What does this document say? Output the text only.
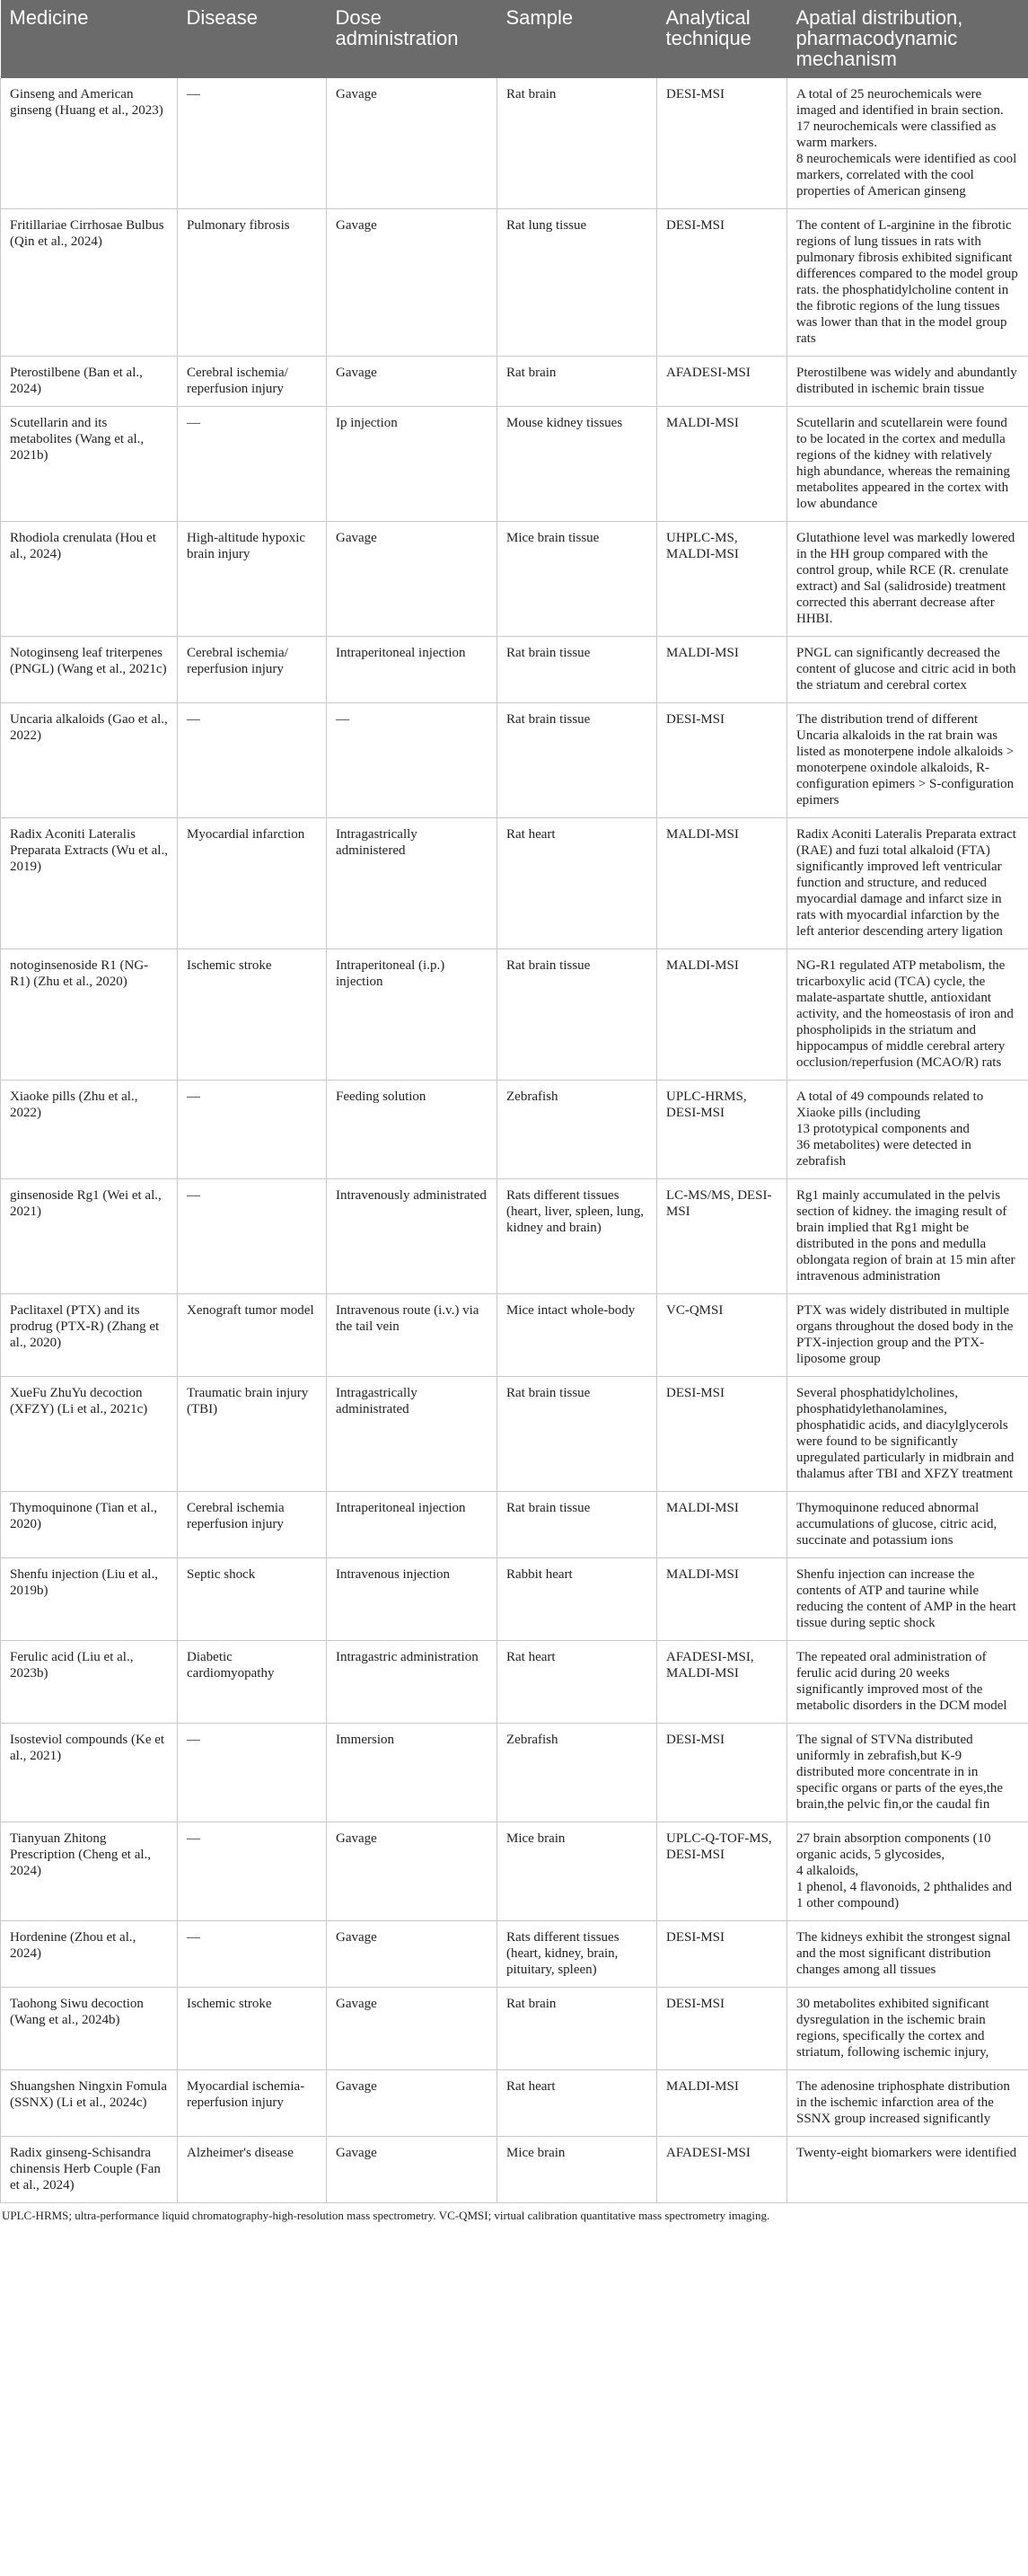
Medicine	Disease	Dose administration	Sample	Analytical technique	Apatial distribution, pharmacodynamic mechanism
Ginseng and American ginseng (Huang et al., 2023)	—	Gavage	Rat brain	DESI-MSI	A total of 25 neurochemicals were imaged and identified in brain section. 17 neurochemicals were classified as warm markers.
8 neurochemicals were identified as cool markers, correlated with the cool properties of American ginseng
Fritillariae Cirrhosae Bulbus (Qin et al., 2024)	Pulmonary fibrosis	Gavage	Rat lung tissue	DESI-MSI	The content of L-arginine in the fibrotic regions of lung tissues in rats with pulmonary fibrosis exhibited significant differences compared to the model group rats. the phosphatidylcholine content in the fibrotic regions of the lung tissues was lower than that in the model group rats
Pterostilbene (Ban et al., 2024)	Cerebral ischemia/ reperfusion injury	Gavage	Rat brain	AFADESI-MSI	Pterostilbene was widely and abundantly distributed in ischemic brain tissue
Scutellarin and its metabolites (Wang et al., 2021b)	—	Ip injection	Mouse kidney tissues	MALDI-MSI	Scutellarin and scutellarein were found to be located in the cortex and medulla regions of the kidney with relatively high abundance, whereas the remaining metabolites appeared in the cortex with low abundance
Rhodiola crenulata (Hou et al., 2024)	High-altitude hypoxic brain injury	Gavage	Mice brain tissue	UHPLC-MS, MALDI-MSI	Glutathione level was markedly lowered in the HH group compared with the control group, while RCE (R. crenulate extract) and Sal (salidroside) treatment corrected this aberrant decrease after HHBI.
Notoginseng leaf triterpenes (PNGL) (Wang et al., 2021c)	Cerebral ischemia/ reperfusion injury	Intraperitoneal injection	Rat brain tissue	MALDI-MSI	PNGL can significantly decreased the content of glucose and citric acid in both the striatum and cerebral cortex
Uncaria alkaloids (Gao et al., 2022)	—	—	Rat brain tissue	DESI-MSI	The distribution trend of different Uncaria alkaloids in the rat brain was listed as monoterpene indole alkaloids > monoterpene oxindole alkaloids, R-configuration epimers > S-configuration epimers
Radix Aconiti Lateralis Preparata Extracts (Wu et al., 2019)	Myocardial infarction	Intragastrically administered	Rat heart	MALDI-MSI	Radix Aconiti Lateralis Preparata extract (RAE) and fuzi total alkaloid (FTA) significantly improved left ventricular function and structure, and reduced myocardial damage and infarct size in rats with myocardial infarction by the left anterior descending artery ligation
notoginsenoside R1 (NG-R1) (Zhu et al., 2020)	Ischemic stroke	Intraperitoneal (i.p.) injection	Rat brain tissue	MALDI-MSI	NG-R1 regulated ATP metabolism, the tricarboxylic acid (TCA) cycle, the malate-aspartate shuttle, antioxidant activity, and the homeostasis of iron and phospholipids in the striatum and hippocampus of middle cerebral artery occlusion/reperfusion (MCAO/R) rats
Xiaoke pills (Zhu et al., 2022)	—	Feeding solution	Zebrafish	UPLC-HRMS, DESI-MSI	A total of 49 compounds related to Xiaoke pills (including
13 prototypical components and
36 metabolites) were detected in zebrafish
ginsenoside Rg1 (Wei et al., 2021)	—	Intravenously administrated	Rats different tissues (heart, liver, spleen, lung, kidney and brain)	LC-MS/MS, DESI-MSI	Rg1 mainly accumulated in the pelvis section of kidney. the imaging result of brain implied that Rg1 might be distributed in the pons and medulla oblongata region of brain at 15 min after intravenous administration
Paclitaxel (PTX) and its prodrug (PTX-R) (Zhang et al., 2020)	Xenograft tumor model	Intravenous route (i.v.) via the tail vein	Mice intact whole-body	VC-QMSI	PTX was widely distributed in multiple organs throughout the dosed body in the PTX-injection group and the PTX-liposome group
XueFu ZhuYu decoction (XFZY) (Li et al., 2021c)	Traumatic brain injury (TBI)	Intragastrically administrated	Rat brain tissue	DESI-MSI	Several phosphatidylcholines, phosphatidylethanolamines, phosphatidic acids, and diacylglycerols were found to be significantly upregulated particularly in midbrain and thalamus after TBI and XFZY treatment
Thymoquinone (Tian et al., 2020)	Cerebral ischemia reperfusion injury	Intraperitoneal injection	Rat brain tissue	MALDI-MSI	Thymoquinone reduced abnormal accumulations of glucose, citric acid, succinate and potassium ions
Shenfu injection (Liu et al., 2019b)	Septic shock	Intravenous injection	Rabbit heart	MALDI-MSI	Shenfu injection can increase the contents of ATP and taurine while reducing the content of AMP in the heart tissue during septic shock
Ferulic acid (Liu et al., 2023b)	Diabetic cardiomyopathy	Intragastric administration	Rat heart	AFADESI-MSI, MALDI-MSI	The repeated oral administration of ferulic acid during 20 weeks significantly improved most of the metabolic disorders in the DCM model
Isosteviol compounds (Ke et al., 2021)	—	Immersion	Zebrafish	DESI-MSI	The signal of STVNa distributed uniformly in zebrafish,but K-9 distributed more concentrate in in specific organs or parts of the eyes,the brain,the pelvic fin,or the caudal fin
Tianyuan Zhitong Prescription (Cheng et al., 2024)	—	Gavage	Mice brain	UPLC-Q-TOF-MS, DESI-MSI	27 brain absorption components (10 organic acids, 5 glycosides,
4 alkaloids,
1 phenol, 4 flavonoids, 2 phthalides and 1 other compound)
Hordenine (Zhou et al., 2024)	—	Gavage	Rats different tissues (heart, kidney, brain, pituitary, spleen)	DESI-MSI	The kidneys exhibit the strongest signal and the most significant distribution changes among all tissues
Taohong Siwu decoction (Wang et al., 2024b)	Ischemic stroke	Gavage	Rat brain	DESI-MSI	30 metabolites exhibited significant dysregulation in the ischemic brain regions, specifically the cortex and striatum, following ischemic injury,
Shuangshen Ningxin Fomula (SSNX) (Li et al., 2024c)	Myocardial ischemia-reperfusion injury	Gavage	Rat heart	MALDI-MSI	The adenosine triphosphate distribution in the ischemic infarction area of the SSNX group increased significantly
Radix ginseng-Schisandra chinensis Herb Couple (Fan et al., 2024)	Alzheimer's disease	Gavage	Mice brain	AFADESI-MSI	Twenty-eight biomarkers were identified
UPLC-HRMS; ultra-performance liquid chromatography-high-resolution mass spectrometry. VC-QMSI; virtual calibration quantitative mass spectrometry imaging.
